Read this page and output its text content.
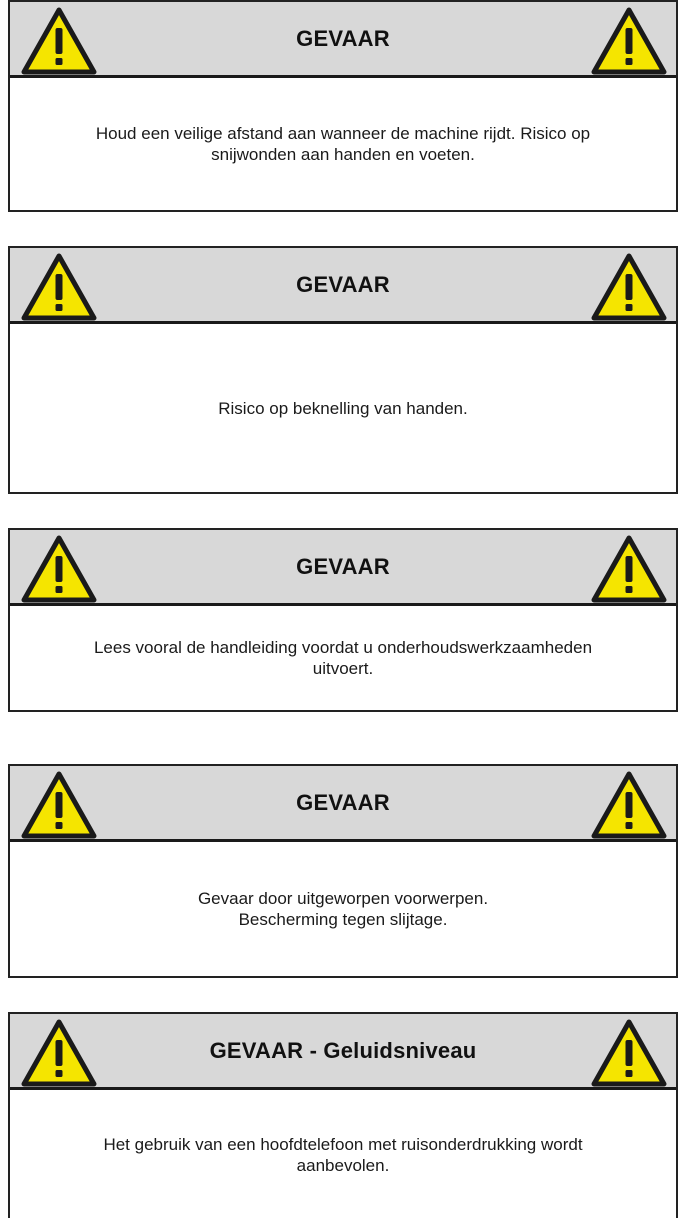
GEVAAR
Houd een veilige afstand aan wanneer de machine rijdt. Risico op
snijwonden aan handen en voeten.
GEVAAR
Risico op beknelling van handen.
GEVAAR
Lees vooral de handleiding voordat u onderhoudswerkzaamheden
uitvoert.
GEVAAR
Gevaar door uitgeworpen voorwerpen.
Bescherming tegen slijtage.
GEVAAR - Geluidsniveau
Het gebruik van een hoofdtelefoon met ruisonderdrukking wordt
aanbevolen.
